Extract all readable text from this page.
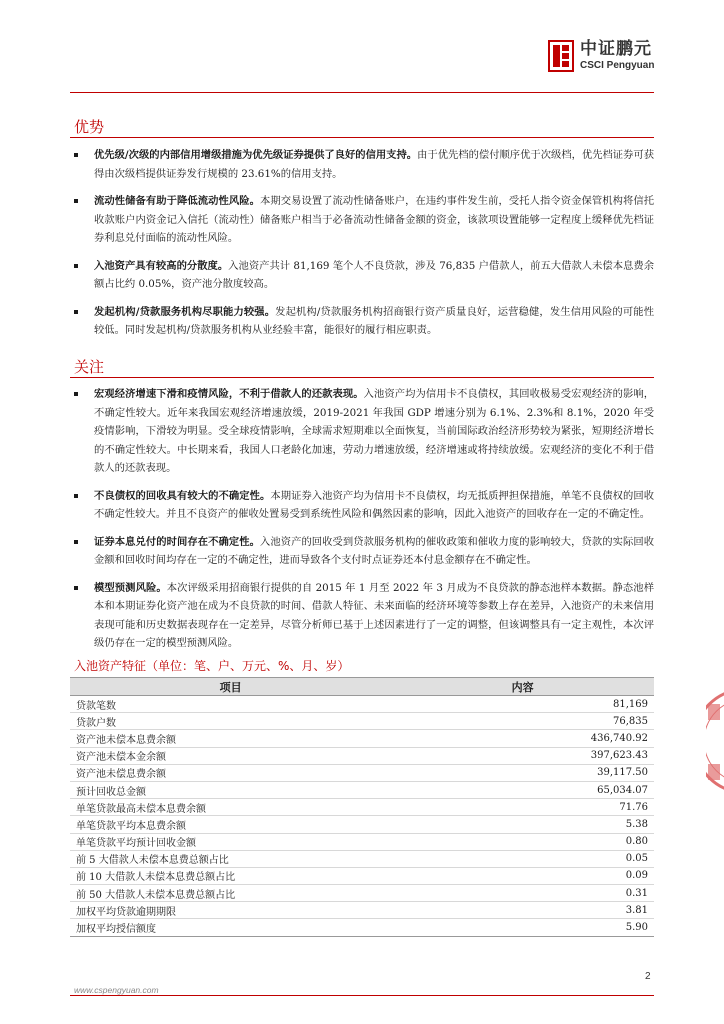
中证鹏元
CSCI Pengyuan
优势
优先级/次级的内部信用增级措施为优先级证券提供了良好的信用支持。由于优先档的偿付顺序优于次级档，优先档证券可获得由次级档提供证券发行规模的 23.61%的信用支持。
流动性储备有助于降低流动性风险。本期交易设置了流动性储备账户，在违约事件发生前，受托人指令资金保管机构将信托收款账户内资金记入信托（流动性）储备账户相当于必备流动性储备金额的资金，该款项设置能够一定程度上缓释优先档证券利息兑付面临的流动性风险。
入池资产具有较高的分散度。入池资产共计 81,169 笔个人不良贷款，涉及 76,835 户借款人，前五大借款人未偿本息费余额占比约 0.05%，资产池分散度较高。
发起机构/贷款服务机构尽职能力较强。发起机构/贷款服务机构招商银行资产质量良好，运营稳健，发生信用风险的可能性较低。同时发起机构/贷款服务机构从业经验丰富，能很好的履行相应职责。
关注
宏观经济增速下滑和疫情风险，不利于借款人的还款表现。入池资产均为信用卡不良债权，其回收极易受宏观经济的影响，不确定性较大。近年来我国宏观经济增速放缓，2019-2021 年我国 GDP 增速分别为 6.1%、2.3%和 8.1%，2020 年受疫情影响，下滑较为明显。受全球疫情影响，全球需求短期难以全面恢复，当前国际政治经济形势较为紧张，短期经济增长的不确定性较大。中长期来看，我国人口老龄化加速，劳动力增速放缓，经济增速或将持续放缓。宏观经济的变化不利于借款人的还款表现。
不良债权的回收具有较大的不确定性。本期证券入池资产均为信用卡不良债权，均无抵质押担保措施，单笔不良债权的回收不确定性较大。并且不良资产的催收处置易受到系统性风险和偶然因素的影响，因此入池资产的回收存在一定的不确定性。
证券本息兑付的时间存在不确定性。入池资产的回收受到贷款服务机构的催收政策和催收力度的影响较大，贷款的实际回收金额和回收时间均存在一定的不确定性，进而导致各个支付时点证券还本付息金额存在不确定性。
模型预测风险。本次评级采用招商银行提供的自 2015 年 1 月至 2022 年 3 月成为不良贷款的静态池样本数据。静态池样本和本期证券化资产池在成为不良贷款的时间、借款人特征、未来面临的经济环境等参数上存在差异，入池资产的未来信用表现可能和历史数据表现存在一定差异，尽管分析师已基于上述因素进行了一定的调整，但该调整具有一定主观性，本次评级仍存在一定的模型预测风险。
入池资产特征（单位：笔、户、万元、%、月、岁）
项目	内容
贷款笔数	81,169
贷款户数	76,835
资产池未偿本息费余额	436,740.92
资产池未偿本金余额	397,623.43
资产池未偿息费余额	39,117.50
预计回收总金额	65,034.07
单笔贷款最高未偿本息费余额	71.76
单笔贷款平均本息费余额	5.38
单笔贷款平均预计回收金额	0.80
前 5 大借款人未偿本息费总额占比	0.05
前 10 大借款人未偿本息费总额占比	0.09
前 50 大借款人未偿本息费总额占比	0.31
加权平均贷款逾期期限	3.81
加权平均授信额度	5.90
2
www.cspengyuan.com
